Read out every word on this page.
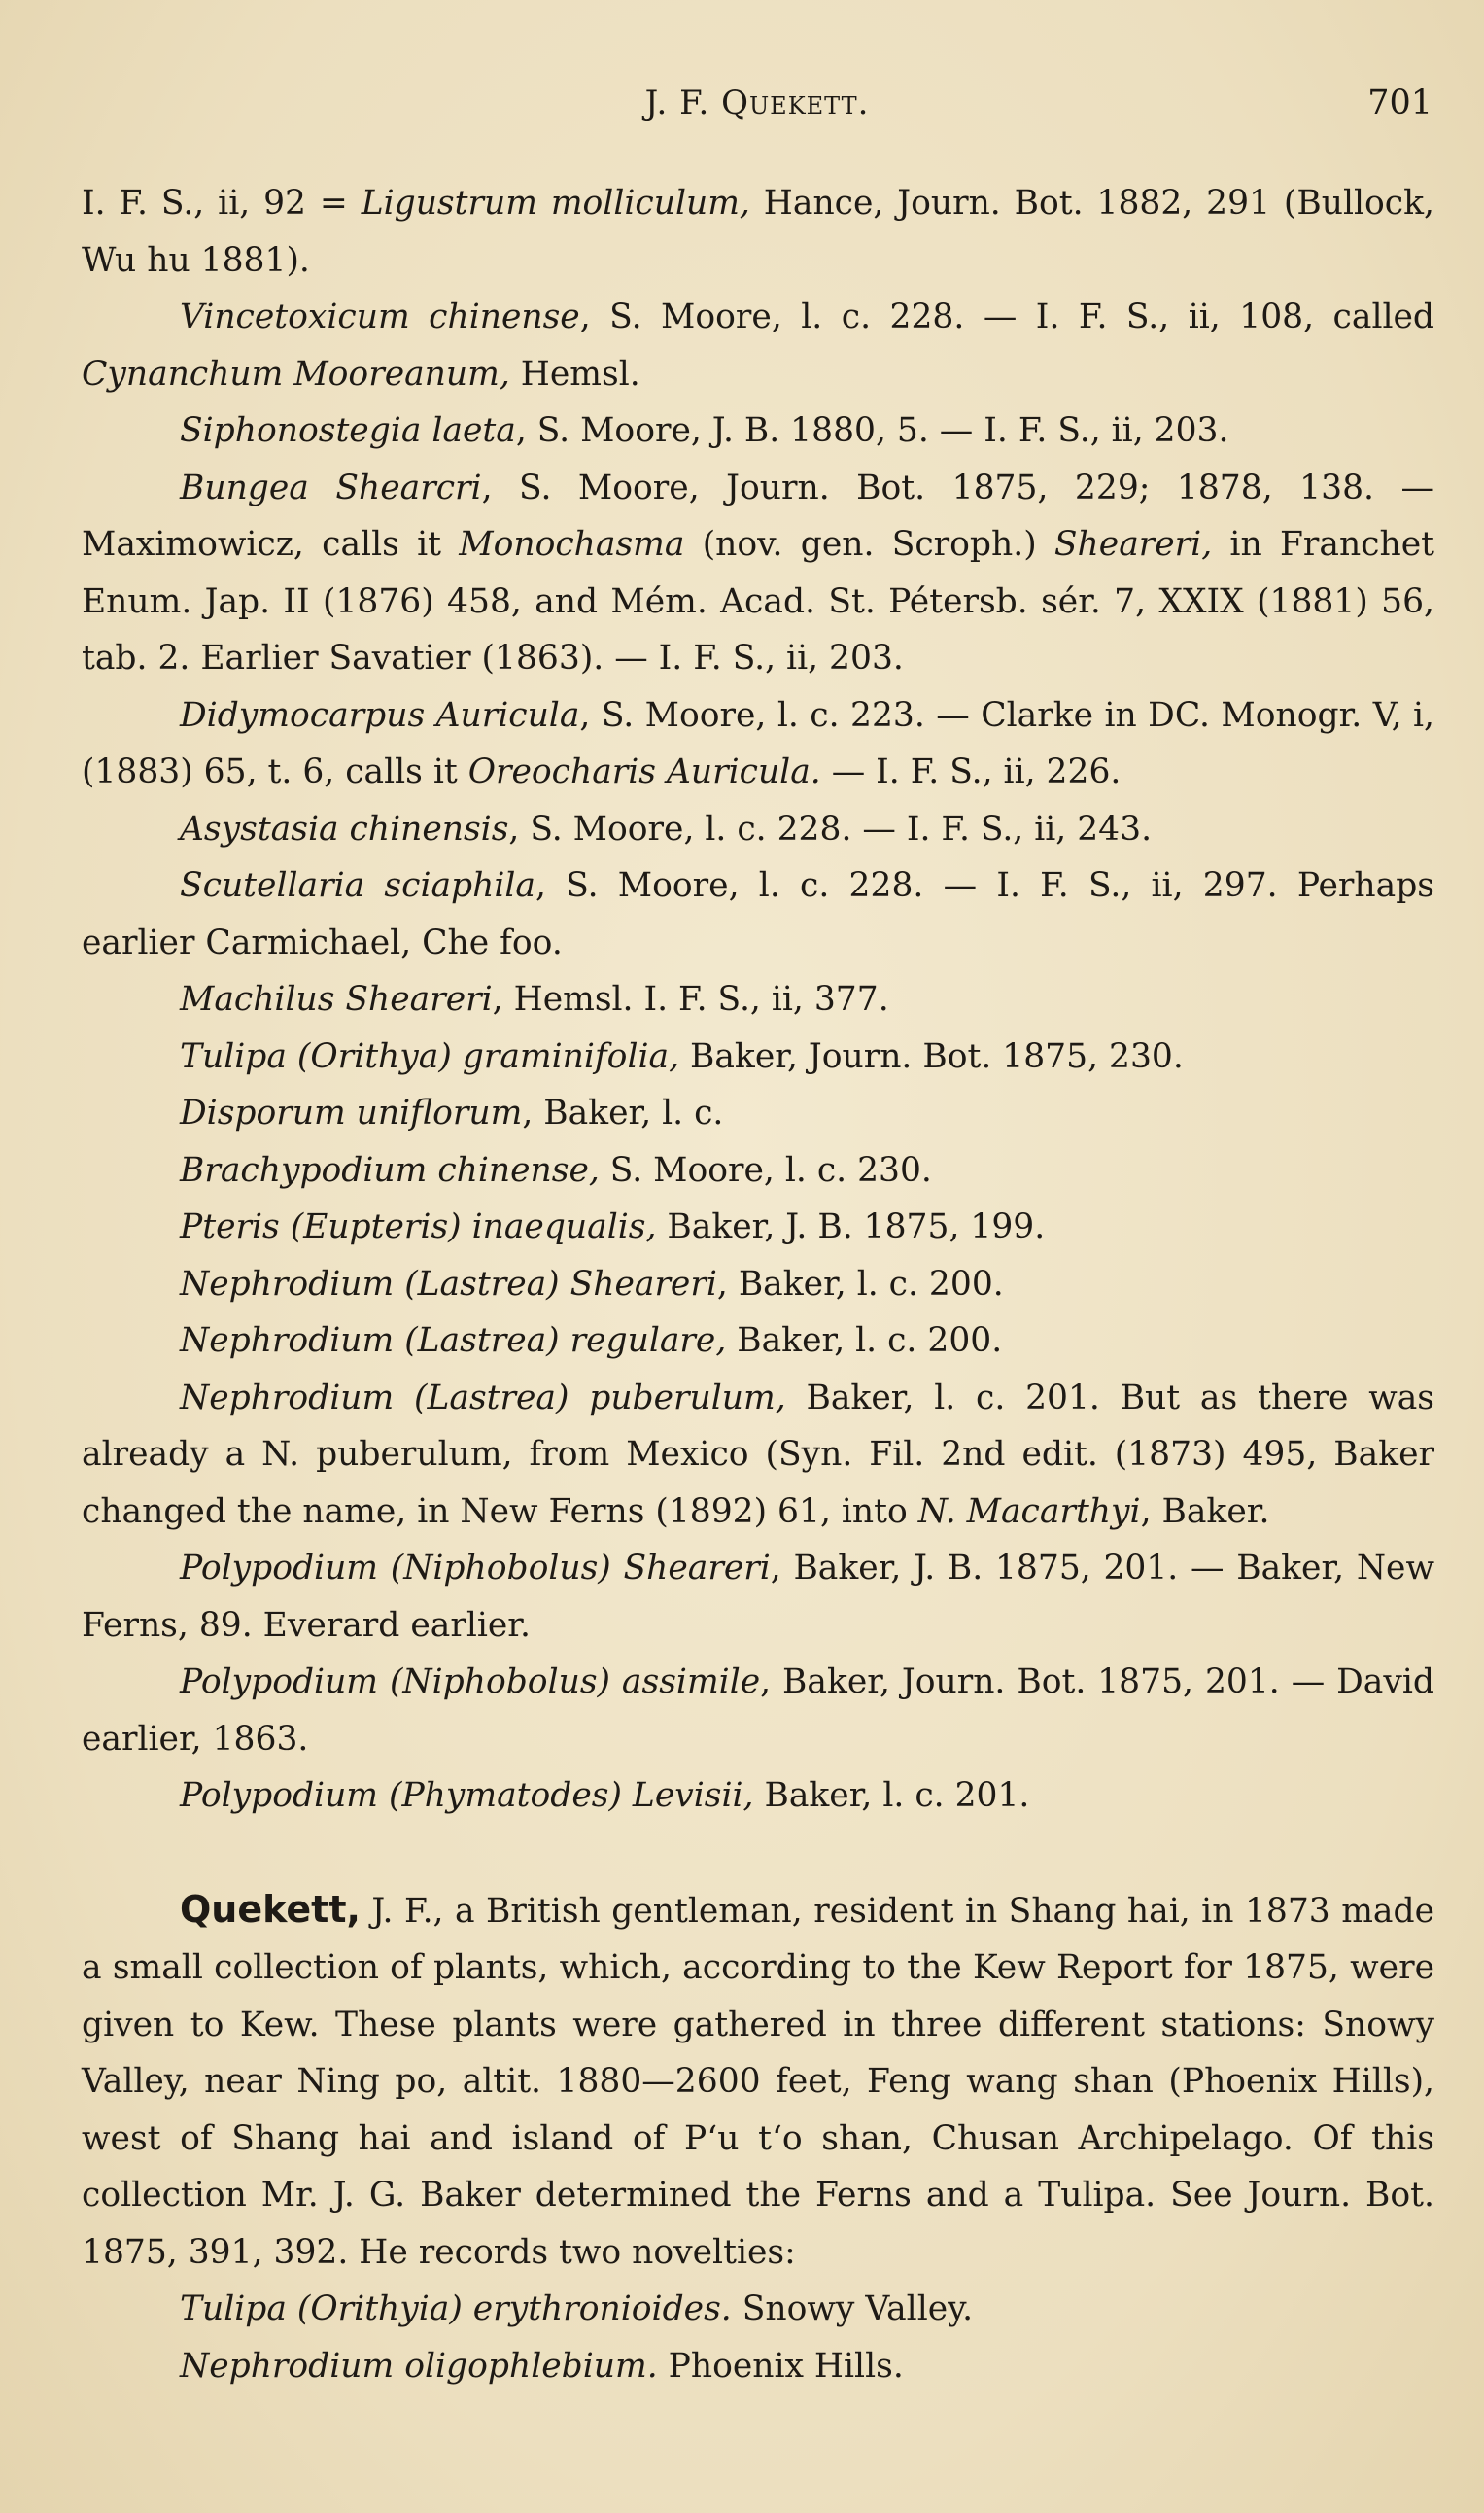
J. F. Quekett.	701

I. F. S., ii, 92 = Ligustrum molliculum, Hance, Journ. Bot. 1882, 291 (Bullock, Wu hu 1881).

Vincetoxicum chinense, S. Moore, l. c. 228. — I. F. S., ii, 108, called Cynanchum Mooreanum, Hemsl.

Siphonostegia laeta, S. Moore, J. B. 1880, 5. — I. F. S., ii, 203.

Bungea Shearcri, S. Moore, Journ. Bot. 1875, 229; 1878, 138. — Maximowicz, calls it Monochasma (nov. gen. Scroph.) Sheareri, in Franchet Enum. Jap. II (1876) 458, and Mém. Acad. St. Pétersb. sér. 7, XXIX (1881) 56, tab. 2. Earlier Savatier (1863). — I. F. S., ii, 203.

Didymocarpus Auricula, S. Moore, l. c. 223. — Clarke in DC. Monogr. V, i, (1883) 65, t. 6, calls it Oreocharis Auricula. — I. F. S., ii, 226.

Asystasia chinensis, S. Moore, l. c. 228. — I. F. S., ii, 243.

Scutellaria sciaphila, S. Moore, l. c. 228. — I. F. S., ii, 297. Perhaps earlier Carmichael, Che foo.

Machilus Sheareri, Hemsl. I. F. S., ii, 377.

Tulipa (Orithya) graminifolia, Baker, Journ. Bot. 1875, 230.

Disporum uniflorum, Baker, l. c.

Brachypodium chinense, S. Moore, l. c. 230.

Pteris (Eupteris) inaequalis, Baker, J. B. 1875, 199.

Nephrodium (Lastrea) Sheareri, Baker, l. c. 200.

Nephrodium (Lastrea) regulare, Baker, l. c. 200.

Nephrodium (Lastrea) puberulum, Baker, l. c. 201. But as there was already a N. puberulum, from Mexico (Syn. Fil. 2nd edit. (1873) 495, Baker changed the name, in New Ferns (1892) 61, into N. Macarthyi, Baker.

Polypodium (Niphobolus) Sheareri, Baker, J. B. 1875, 201. — Baker, New Ferns, 89. Everard earlier.

Polypodium (Niphobolus) assimile, Baker, Journ. Bot. 1875, 201. — David earlier, 1863.

Polypodium (Phymatodes) Levisii, Baker, l. c. 201.

Quekett, J. F., a British gentleman, resident in Shang hai, in 1873 made a small collection of plants, which, according to the Kew Report for 1875, were given to Kew. These plants were gathered in three different stations: Snowy Valley, near Ning po, altit. 1880—2600 feet, Feng wang shan (Phoenix Hills), west of Shang hai and island of Pʻu tʻo shan, Chusan Archipelago. Of this collection Mr. J. G. Baker determined the Ferns and a Tulipa. See Journ. Bot. 1875, 391, 392. He records two novelties:

Tulipa (Orithyia) erythronioides. Snowy Valley.

Nephrodium oligophlebium. Phoenix Hills.
